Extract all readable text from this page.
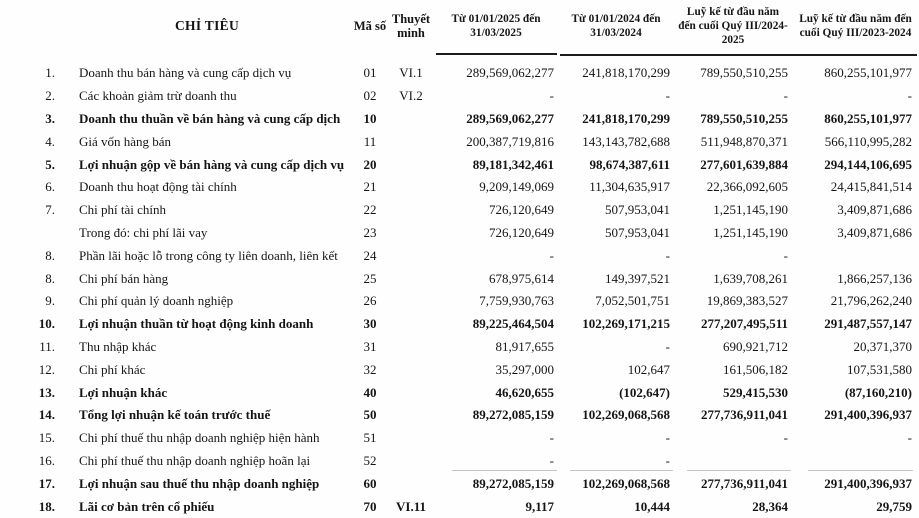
	CHỈ TIÊU	Mã số	Thuyết minh	Từ 01/01/2025 đến 31/03/2025	Từ 01/01/2024 đến 31/03/2024	Luỹ kế từ đầu năm đến cuối Quý III/2024-2025	Luỹ kế từ đầu năm đến cuối Quý III/2023-2024
1.	Doanh thu bán hàng và cung cấp dịch vụ	01	VI.1	289,569,062,277	241,818,170,299	789,550,510,255	860,255,101,977
2.	Các khoản giảm trừ doanh thu	02	VI.2	-	-	-	-
3.	Doanh thu thuần về bán hàng và cung cấp dịch	10		289,569,062,277	241,818,170,299	789,550,510,255	860,255,101,977
4.	Giá vốn hàng bán	11		200,387,719,816	143,143,782,688	511,948,870,371	566,110,995,282
5.	Lợi nhuận gộp về bán hàng và cung cấp dịch vụ	20		89,181,342,461	98,674,387,611	277,601,639,884	294,144,106,695
6.	Doanh thu hoạt động tài chính	21		9,209,149,069	11,304,635,917	22,366,092,605	24,415,841,514
7.	Chi phí tài chính	22		726,120,649	507,953,041	1,251,145,190	3,409,871,686
	Trong đó: chi phí lãi vay	23		726,120,649	507,953,041	1,251,145,190	3,409,871,686
8.	Phần lãi hoặc lỗ trong công ty liên doanh, liên kết	24		-	-	-	
8.	Chi phí bán hàng	25		678,975,614	149,397,521	1,639,708,261	1,866,257,136
9.	Chi phí quản lý doanh nghiệp	26		7,759,930,763	7,052,501,751	19,869,383,527	21,796,262,240
10.	Lợi nhuận thuần từ hoạt động kinh doanh	30		89,225,464,504	102,269,171,215	277,207,495,511	291,487,557,147
11.	Thu nhập khác	31		81,917,655	-	690,921,712	20,371,370
12.	Chi phí khác	32		35,297,000	102,647	161,506,182	107,531,580
13.	Lợi nhuận khác	40		46,620,655	(102,647)	529,415,530	(87,160,210)
14.	Tổng lợi nhuận kế toán trước thuế	50		89,272,085,159	102,269,068,568	277,736,911,041	291,400,396,937
15.	Chi phí thuế thu nhập doanh nghiệp hiện hành	51		-	-	-	-
16.	Chi phí thuế thu nhập doanh nghiệp hoãn lại	52		-	-		
17.	Lợi nhuận sau thuế thu nhập doanh nghiệp	60		89,272,085,159	102,269,068,568	277,736,911,041	291,400,396,937
18.	Lãi cơ bản trên cổ phiếu	70	VI.11	9,117	10,444	28,364	29,759
